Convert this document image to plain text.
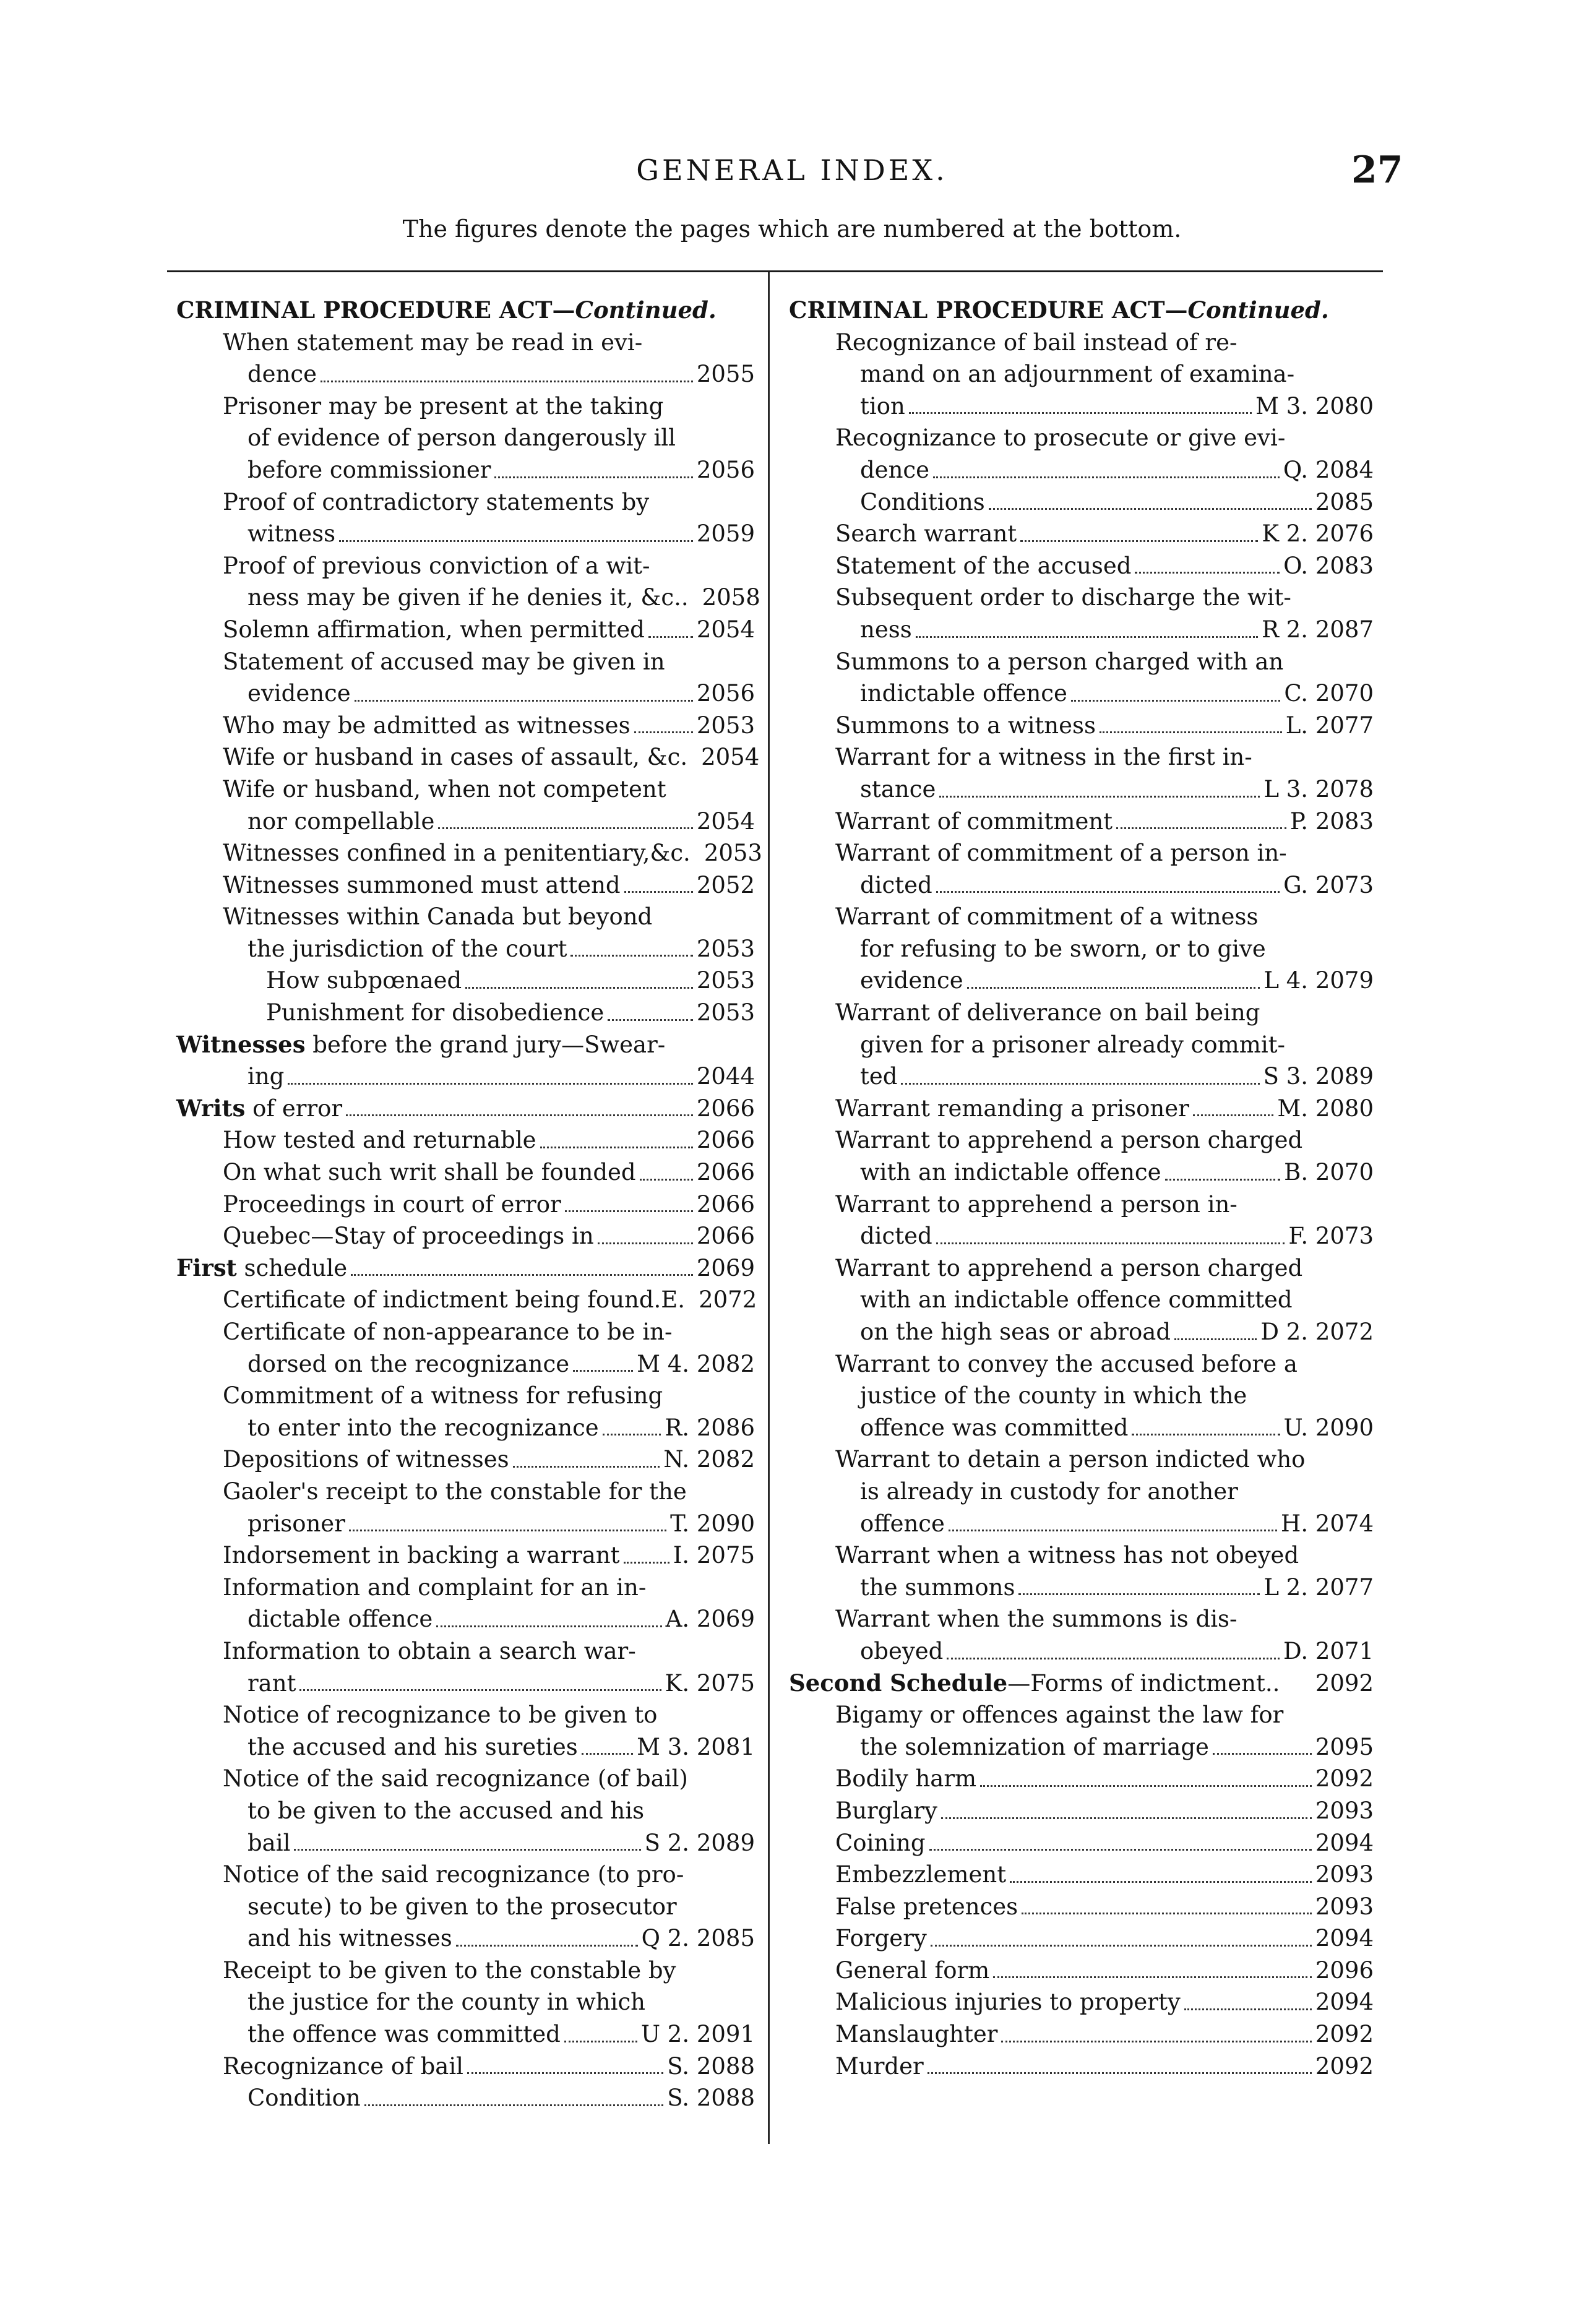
GENERAL INDEX.	27
The figures denote the pages which are numbered at the bottom.
CRIMINAL PROCEDURE ACT— Continued.
When statement may be read in evi-
dence	2055
Prisoner may be present at the taking
of evidence of person dangerously ill
before commissioner	2056
Proof of contradictory statements by
witness	2059
Proof of previous conviction of a wit-
ness may be given if he denies it, &c.. 2058
Solemn affirmation, when permitted 2054
Statement of accused may be given in
evidence	2056
Who may be admitted as witnesses	2053
Wife or husband in cases of assault, &c. 2054
Wife or husband, when not competent
nor compellable	2054
Witnesses confined in a penitentiary,&c. 2053
Witnesses summoned must attend	2052
Witnesses within Canada but beyond
the jurisdiction of the court	2053
How subpœnaed	2053
Punishment for disobedience	2053
Witnesses before the grand jury—Swear-
ing	2044
Writs of error	2066
How tested and returnable	2066
On what such writ shall be founded	2066
Proceedings in court of error	2066
Quebec—Stay of proceedings in	2066
First schedule	2069
Certificate of indictment being found.E. 2072
Certificate of non-appearance to be in-
dorsed on the recognizance	M 4. 2082
Commitment of a witness for refusing
to enter into the recognizance	R. 2086
Depositions of witnesses	N. 2082
Gaoler's receipt to the constable for the
prisoner	T. 2090
Indorsement in backing a warrant I. 2075
Information and complaint for an in-
dictable offence	A. 2069
Information to obtain a search war-
rant	K. 2075
Notice of recognizance to be given to
the accused and his sureties	M 3. 2081
Notice of the said recognizance (of bail)
to be given to the accused and his
bail	S 2. 2089
Notice of the said recognizance (to pro-
secute) to be given to the prosecutor
and his witnesses	Q 2. 2085
Receipt to be given to the constable by
the justice for the county in which
the offence was committed	U 2. 2091
Recognizance of bail	S. 2088
Condition	S. 2088
CRIMINAL PROCEDURE ACT— Continued.
Recognizance of bail instead of re-
mand on an adjournment of examina-
tion	M 3. 2080
Recognizance to prosecute or give evi-
dence	Q. 2084
Conditions	2085
Search warrant	K 2. 2076
Statement of the accused	O. 2083
Subsequent order to discharge the wit-
ness	R 2. 2087
Summons to a person charged with an
indictable offence	C. 2070
Summons to a witness	L. 2077
Warrant for a witness in the first in-
stance	L 3. 2078
Warrant of commitment	P. 2083
Warrant of commitment of a person in-
dicted	G. 2073
Warrant of commitment of a witness
for refusing to be sworn, or to give
evidence	L 4. 2079
Warrant of deliverance on bail being
given for a prisoner already commit-
ted	S 3. 2089
Warrant remanding a prisoner	M. 2080
Warrant to apprehend a person charged
with an indictable offence	B. 2070
Warrant to apprehend a person in-
dicted	F. 2073
Warrant to apprehend a person charged
with an indictable offence committed
on the high seas or abroad	D 2. 2072
Warrant to convey the accused before a
justice of the county in which the
offence was committed	U. 2090
Warrant to detain a person indicted who
is already in custody for another
offence	H. 2074
Warrant when a witness has not obeyed
the summons	L 2. 2077
Warrant when the summons is dis-
obeyed	D. 2071
Second Schedule—Forms of indictment.. 2092
Bigamy or offences against the law for
the solemnization of marriage	2095
Bodily harm	2092
Burglary	2093
Coining	2094
Embezzlement	2093
False pretences	2093
Forgery	2094
General form	2096
Malicious injuries to property	2094
Manslaughter	2092
Murder	2092
